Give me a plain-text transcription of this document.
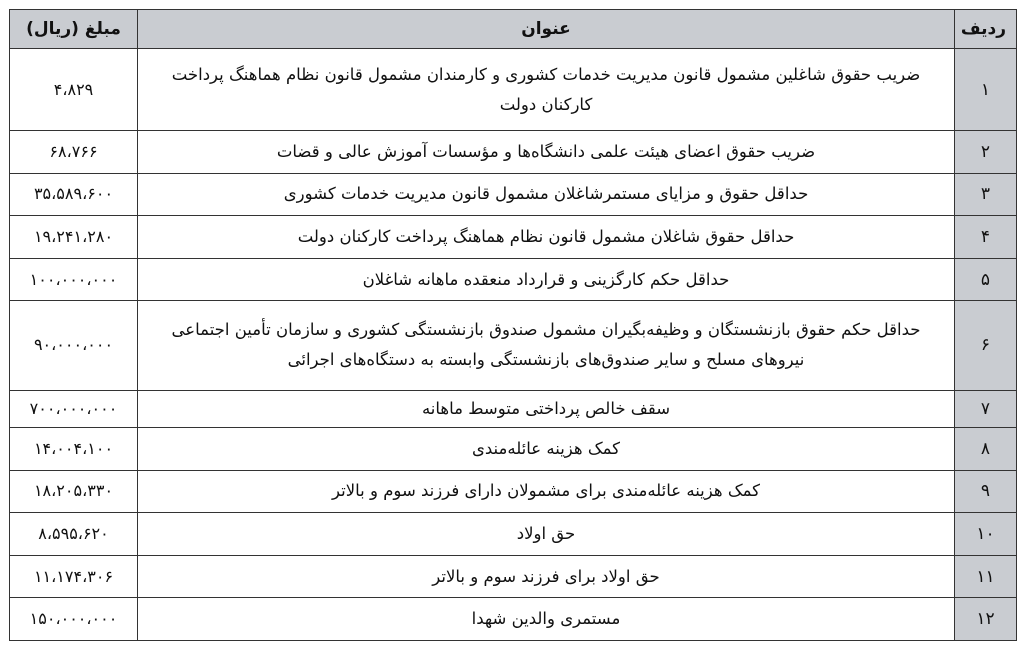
ردیف	عنوان	مبلغ (ریال)
۱	ضریب حقوق شاغلین مشمول قانون مدیریت خدمات کشوری و کارمندان مشمول قانون نظام هماهنگ پرداخت کارکنان دولت	۴،۸۲۹
۲	ضریب حقوق اعضای هیئت علمی دانشگاه‌ها و مؤسسات آموزش عالی و قضات	۶۸،۷۶۶
۳	حداقل حقوق و مزایای مستمرشاغلان مشمول قانون مدیریت خدمات کشوری	۳۵،۵۸۹،۶۰۰
۴	حداقل حقوق شاغلان مشمول قانون نظام هماهنگ پرداخت کارکنان دولت	۱۹،۲۴۱،۲۸۰
۵	حداقل حکم کارگزینی و قرارداد منعقده ماهانه شاغلان	۱۰۰،۰۰۰،۰۰۰
۶	حداقل حکم حقوق بازنشستگان و وظیفه‌بگیران مشمول صندوق بازنشستگی کشوری و سازمان تأمین اجتماعی نیروهای مسلح و سایر صندوق‌های بازنشستگی وابسته به دستگاه‌های اجرائی	۹۰،۰۰۰،۰۰۰
۷	سقف خالص پرداختی متوسط ماهانه	۷۰۰،۰۰۰،۰۰۰
۸	کمک هزینه عائله‌مندی	۱۴،۰۰۴،۱۰۰
۹	کمک هزینه عائله‌مندی برای مشمولان دارای فرزند سوم و بالاتر	۱۸،۲۰۵،۳۳۰
۱۰	حق اولاد	۸،۵۹۵،۶۲۰
۱۱	حق اولاد برای فرزند سوم و بالاتر	۱۱،۱۷۴،۳۰۶
۱۲	مستمری والدین شهدا	۱۵۰،۰۰۰،۰۰۰
